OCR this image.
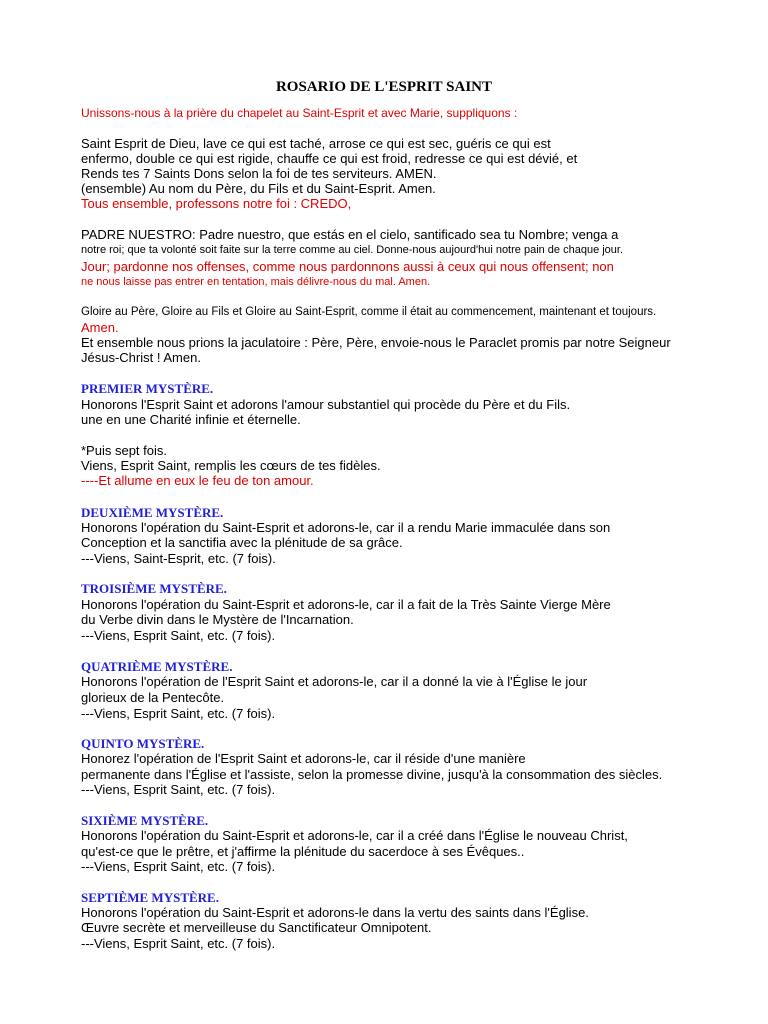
ROSARIO DE L'ESPRIT SAINT
Unissons-nous à la prière du chapelet au Saint-Esprit et avec Marie, suppliquons :
Saint Esprit de Dieu, lave ce qui est taché, arrose ce qui est sec, guéris ce qui est
enfermo, double ce qui est rigide, chauffe ce qui est froid, redresse ce qui est dévié, et
Rends tes 7 Saints Dons selon la foi de tes serviteurs. AMEN.
(ensemble) Au nom du Père, du Fils et du Saint-Esprit. Amen.
Tous ensemble, professons notre foi : CREDO,
PADRE NUESTRO: Padre nuestro, que estás en el cielo, santificado sea tu Nombre; venga a
notre roi; que ta volonté soit faite sur la terre comme au ciel. Donne-nous aujourd'hui notre pain de chaque jour.
Jour; pardonne nos offenses, comme nous pardonnons aussi à ceux qui nous offensent; non
ne nous laisse pas entrer en tentation, mais délivre-nous du mal. Amen.
Gloire au Père, Gloire au Fils et Gloire au Saint-Esprit, comme il était au commencement, maintenant et toujours.
Amen.
Et ensemble nous prions la jaculatoire : Père, Père, envoie-nous le Paraclet promis par notre Seigneur
Jésus-Christ ! Amen.
PREMIER MYSTÈRE.
Honorons l'Esprit Saint et adorons l'amour substantiel qui procède du Père et du Fils.
une en une Charité infinie et éternelle.
*Puis sept fois.
Viens, Esprit Saint, remplis les cœurs de tes fidèles.
----Et allume en eux le feu de ton amour.
DEUXIÈME MYSTÈRE.
Honorons l'opération du Saint-Esprit et adorons-le, car il a rendu Marie immaculée dans son
Conception et la sanctifia avec la plénitude de sa grâce.
---Viens, Saint-Esprit, etc. (7 fois).
TROISIÈME MYSTÈRE.
Honorons l'opération du Saint-Esprit et adorons-le, car il a fait de la Très Sainte Vierge Mère
du Verbe divin dans le Mystère de l'Incarnation.
---Viens, Esprit Saint, etc. (7 fois).
QUATRIÈME MYSTÈRE.
Honorons l'opération de l'Esprit Saint et adorons-le, car il a donné la vie à l'Église le jour
glorieux de la Pentecôte.
---Viens, Esprit Saint, etc. (7 fois).
QUINTO MYSTÈRE.
Honorez l'opération de l'Esprit Saint et adorons-le, car il réside d'une manière
permanente dans l'Église et l'assiste, selon la promesse divine, jusqu'à la consommation des siècles.
---Viens, Esprit Saint, etc. (7 fois).
SIXIÈME MYSTÈRE.
Honorons l'opération du Saint-Esprit et adorons-le, car il a créé dans l'Église le nouveau Christ,
qu'est-ce que le prêtre, et j'affirme la plénitude du sacerdoce à ses Évêques..
---Viens, Esprit Saint, etc. (7 fois).
SEPTIÈME MYSTÈRE.
Honorons l'opération du Saint-Esprit et adorons-le dans la vertu des saints dans l'Église.
Œuvre secrète et merveilleuse du Sanctificateur Omnipotent.
---Viens, Esprit Saint, etc. (7 fois).
